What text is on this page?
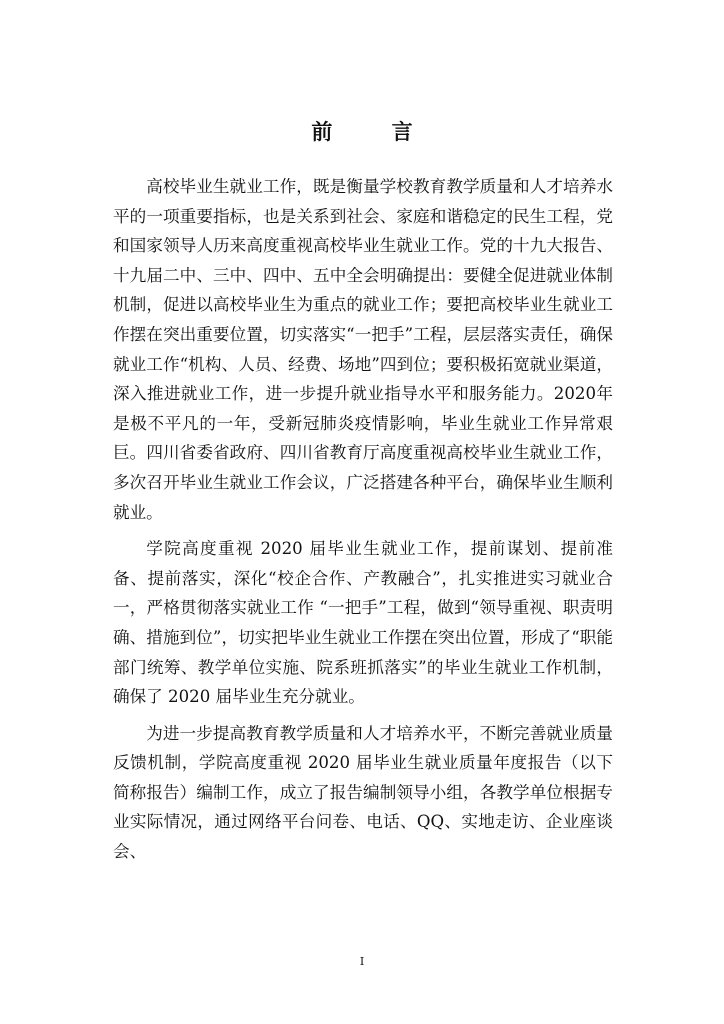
前 言

高校毕业生就业工作，既是衡量学校教育教学质量和人才培养水平的一项重要指标，也是关系到社会、家庭和谐稳定的民生工程，党和国家领导人历来高度重视高校毕业生就业工作。党的十九大报告、十九届二中、三中、四中、五中全会明确提出：要健全促进就业体制机制，促进以高校毕业生为重点的就业工作；要把高校毕业生就业工作摆在突出重要位置，切实落实“一把手”工程，层层落实责任，确保就业工作“机构、人员、经费、场地”四到位；要积极拓宽就业渠道，深入推进就业工作，进一步提升就业指导水平和服务能力。2020年是极不平凡的一年，受新冠肺炎疫情影响，毕业生就业工作异常艰巨。四川省委省政府、四川省教育厅高度重视高校毕业生就业工作，多次召开毕业生就业工作会议，广泛搭建各种平台，确保毕业生顺利就业。

学院高度重视 2020 届毕业生就业工作，提前谋划、提前准备、提前落实，深化“校企合作、产教融合”，扎实推进实习就业合一，严格贯彻落实就业工作 “一把手”工程，做到“领导重视、职责明确、措施到位”，切实把毕业生就业工作摆在突出位置，形成了“职能部门统筹、教学单位实施、院系班抓落实”的毕业生就业工作机制，确保了 2020 届毕业生充分就业。

为进一步提高教育教学质量和人才培养水平，不断完善就业质量反馈机制，学院高度重视 2020 届毕业生就业质量年度报告（以下简称报告）编制工作，成立了报告编制领导小组，各教学单位根据专业实际情况，通过网络平台问卷、电话、QQ、实地走访、企业座谈会、

I
